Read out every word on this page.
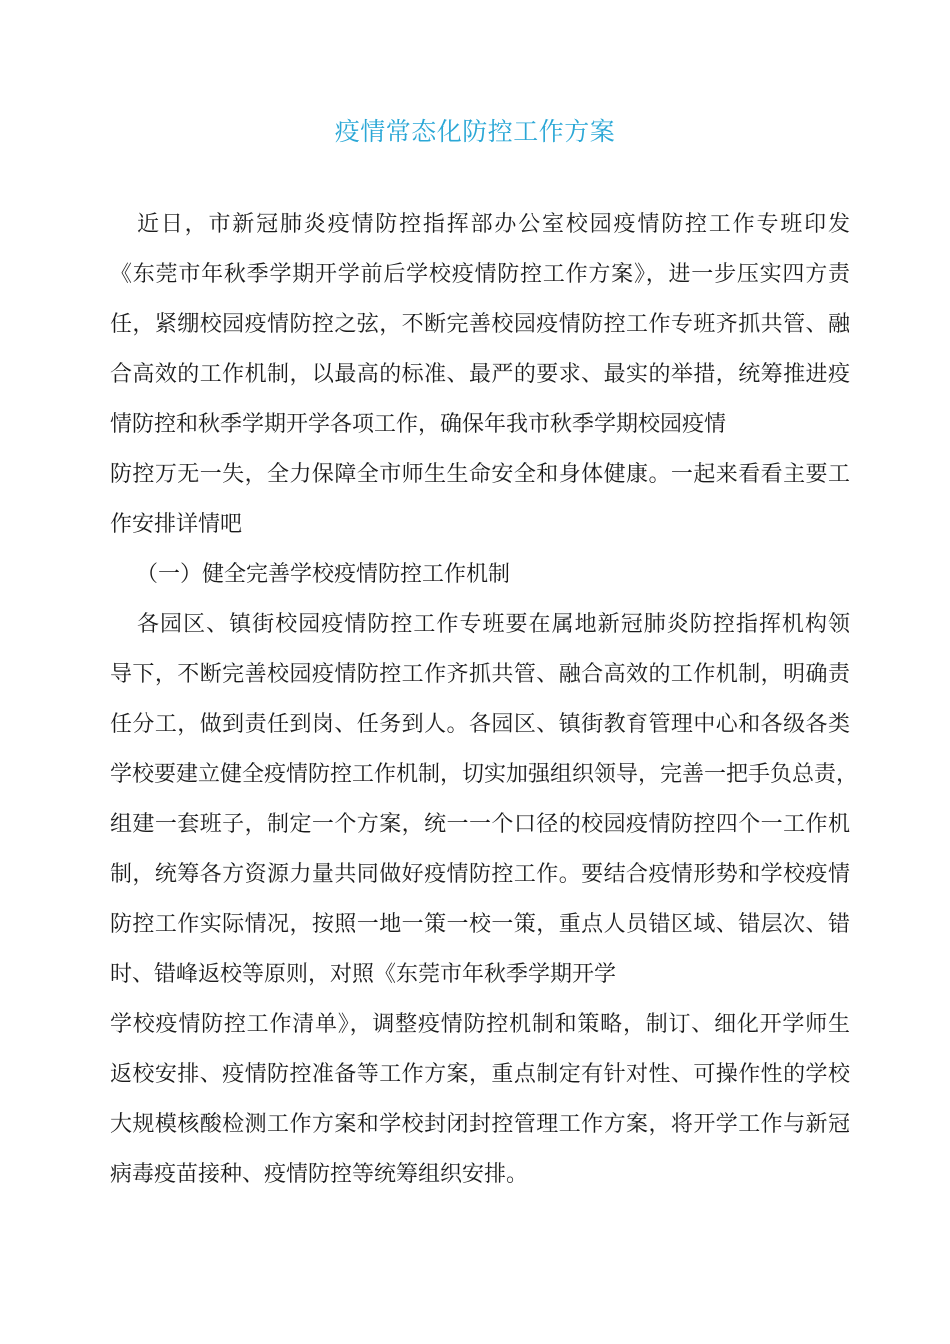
疫情常态化防控工作方案
近日，市新冠肺炎疫情防控指挥部办公室校园疫情防控工作专班印发
《东莞市年秋季学期开学前后学校疫情防控工作方案》，进一步压实四方责
任，紧绷校园疫情防控之弦，不断完善校园疫情防控工作专班齐抓共管、融
合高效的工作机制，以最高的标准、最严的要求、最实的举措，统筹推进疫
情防控和秋季学期开学各项工作，确保年我市秋季学期校园疫情
防控万无一失，全力保障全市师生生命安全和身体健康。一起来看看主要工
作安排详情吧
（一）健全完善学校疫情防控工作机制
各园区、镇街校园疫情防控工作专班要在属地新冠肺炎防控指挥机构领
导下，不断完善校园疫情防控工作齐抓共管、融合高效的工作机制，明确责
任分工，做到责任到岗、任务到人。各园区、镇街教育管理中心和各级各类
学校要建立健全疫情防控工作机制，切实加强组织领导，完善一把手负总责，
组建一套班子，制定一个方案，统一一个口径的校园疫情防控四个一工作机
制，统筹各方资源力量共同做好疫情防控工作。要结合疫情形势和学校疫情
防控工作实际情况，按照一地一策一校一策，重点人员错区域、错层次、错
时、错峰返校等原则，对照《东莞市年秋季学期开学
学校疫情防控工作清单》，调整疫情防控机制和策略，制订、细化开学师生
返校安排、疫情防控准备等工作方案，重点制定有针对性、可操作性的学校
大规模核酸检测工作方案和学校封闭封控管理工作方案，将开学工作与新冠
病毒疫苗接种、疫情防控等统筹组织安排。
